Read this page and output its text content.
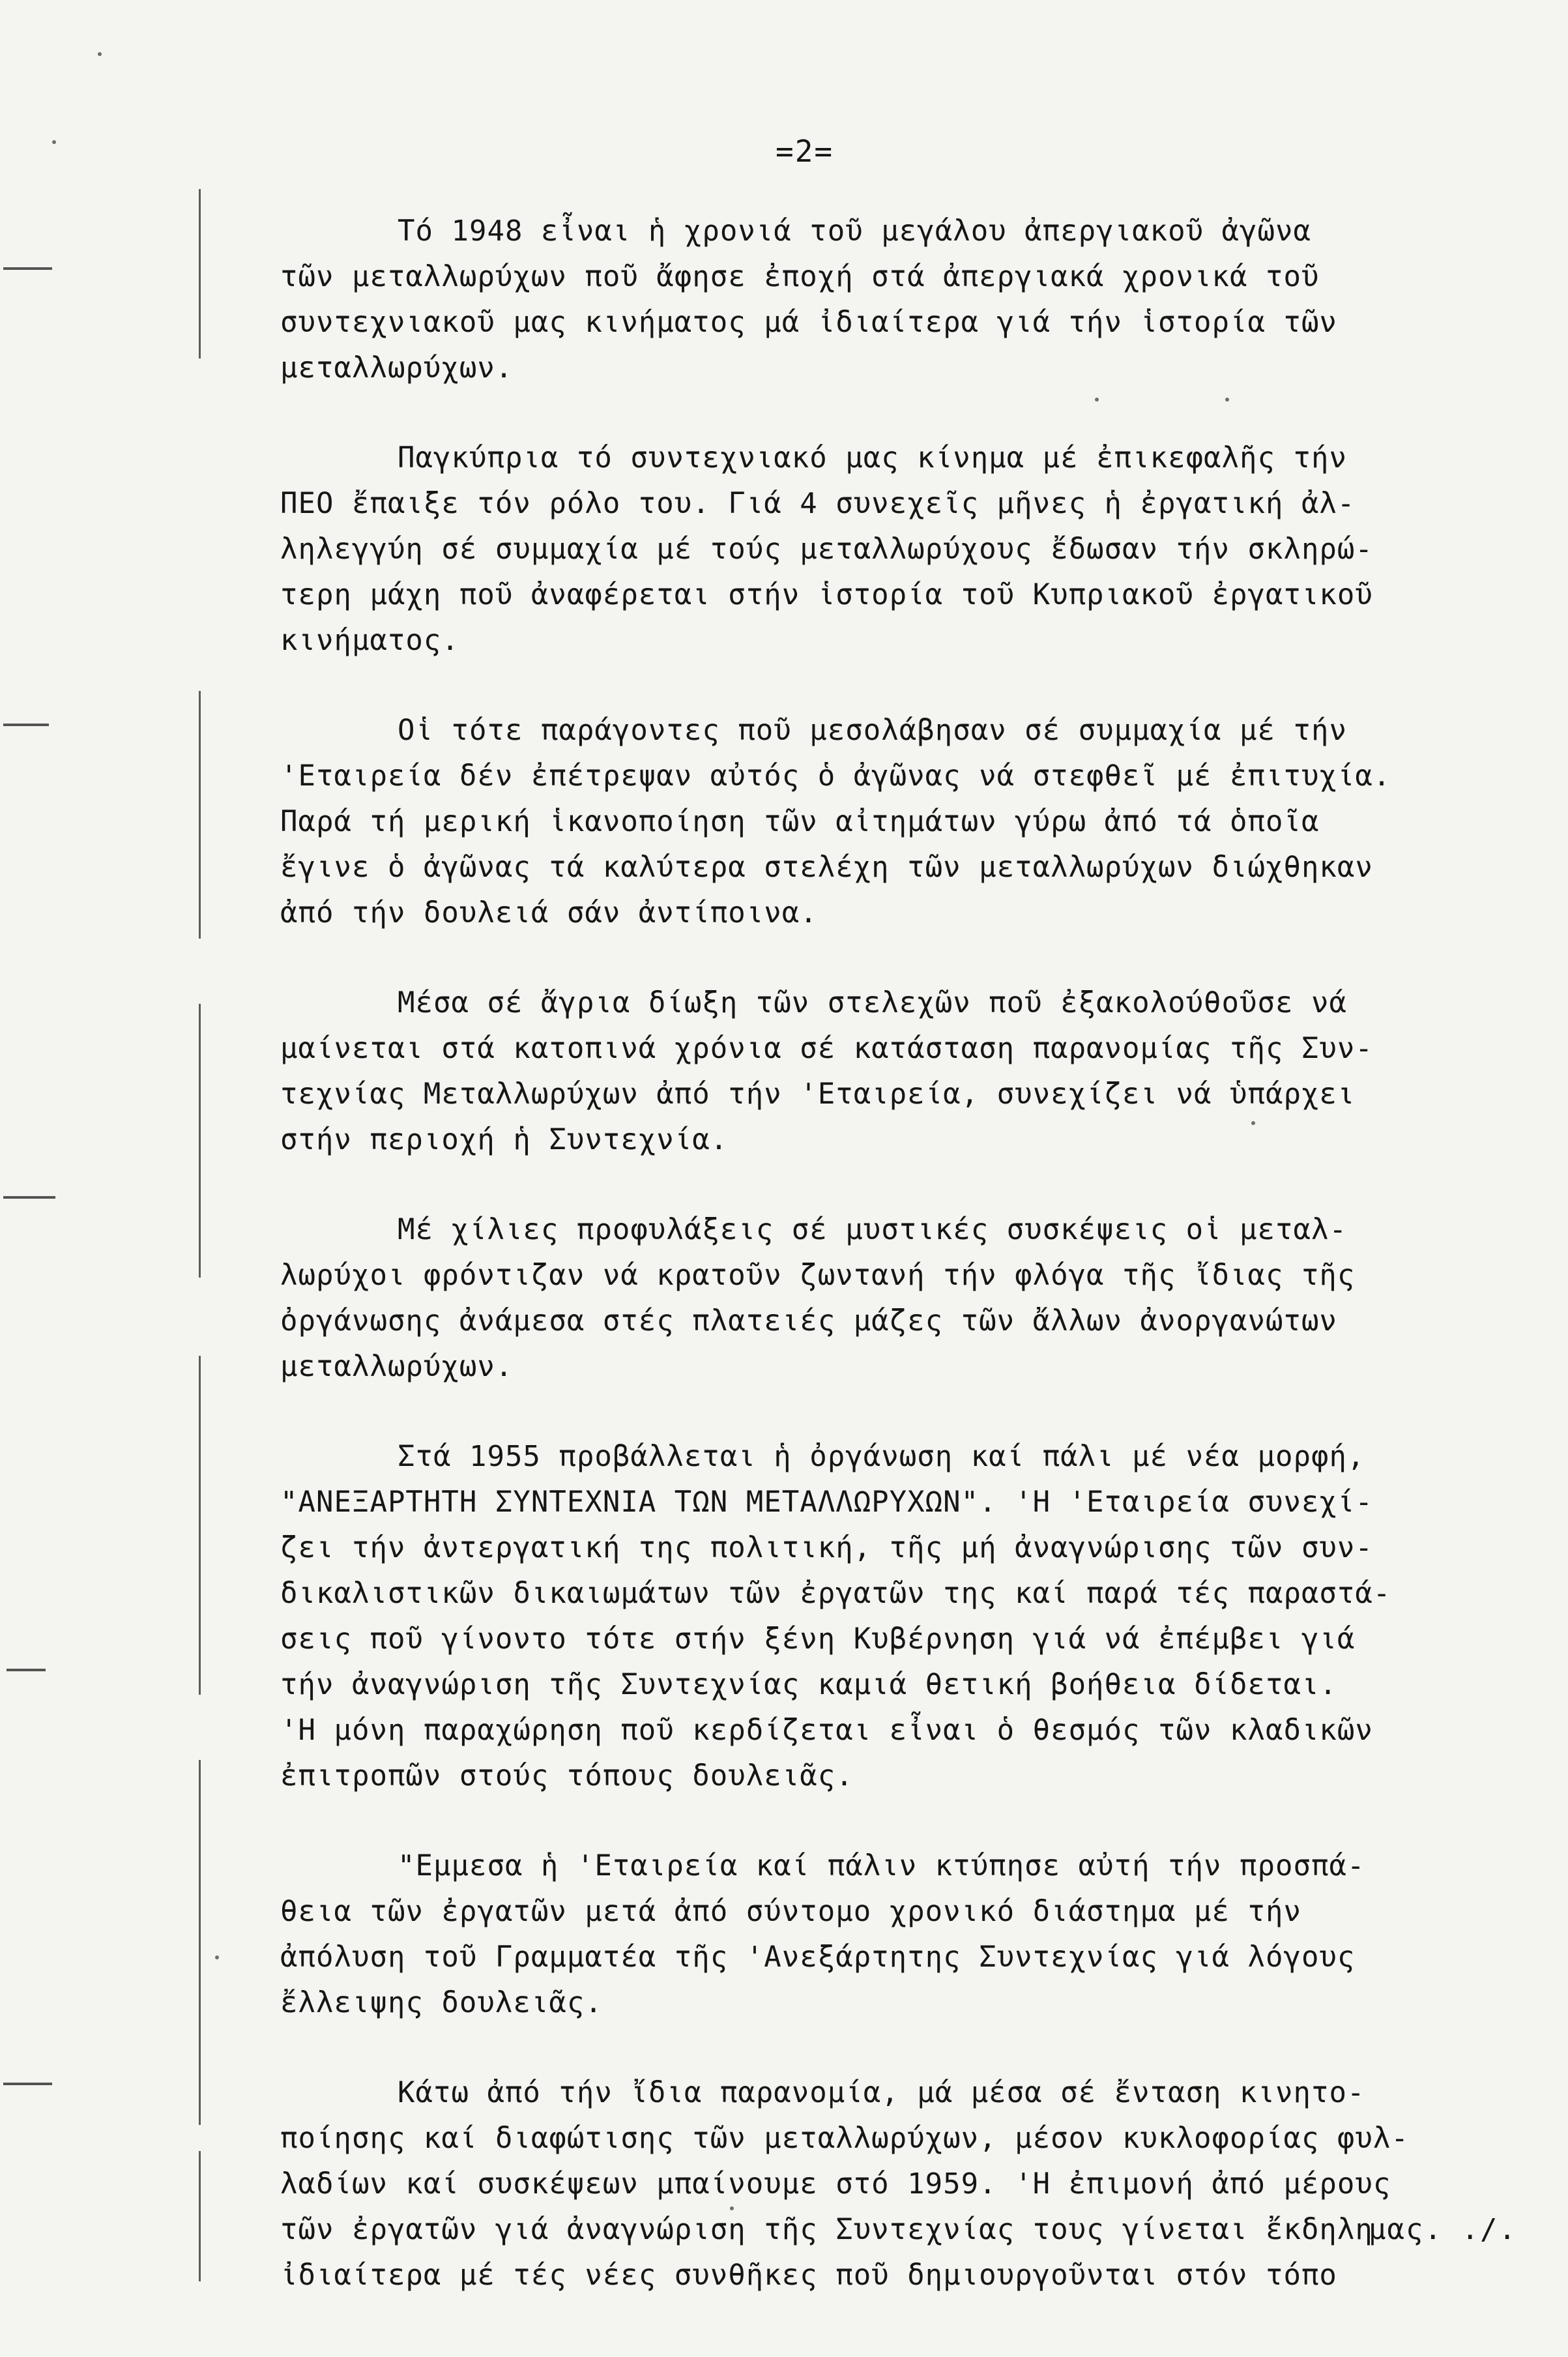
=2=
Τό 1948 εἶναι ἡ χρονιά τοῦ μεγάλου ἀπεργιακοῦ ἀγῶνα
τῶν μεταλλωρύχων ποῦ ἄφησε ἐποχή στά ἀπεργιακά χρονικά τοῦ
συντεχνιακοῦ μας κινήματος μά ἰδιαίτερα γιά τήν ἱστορία τῶν
μεταλλωρύχων.
Παγκύπρια τό συντεχνιακό μας κίνημα μέ ἐπικεφαλῆς τήν
ΠΕΟ ἔπαιξε τόν ρόλο του. Γιά 4 συνεχεῖς μῆνες ἡ ἐργατική ἀλ-
ληλεγγύη σέ συμμαχία μέ τούς μεταλλωρύχους ἔδωσαν τήν σκληρώ-
τερη μάχη ποῦ ἀναφέρεται στήν ἱστορία τοῦ Κυπριακοῦ ἐργατικοῦ
κινήματος.
Οἱ τότε παράγοντες ποῦ μεσολάβησαν σέ συμμαχία μέ τήν
'Εταιρεία δέν ἐπέτρεψαν αὐτός ὁ ἀγῶνας νά στεφθεῖ μέ ἐπιτυχία.
Παρά τή μερική ἱκανοποίηση τῶν αἰτημάτων γύρω ἀπό τά ὁποῖα
ἔγινε ὁ ἀγῶνας τά καλύτερα στελέχη τῶν μεταλλωρύχων διώχθηκαν
ἀπό τήν δουλειά σάν ἀντίποινα.
Μέσα σέ ἄγρια δίωξη τῶν στελεχῶν ποῦ ἐξακολούθοῦσε νά
μαίνεται στά κατοπινά χρόνια σέ κατάσταση παρανομίας τῆς Συν-
τεχνίας Μεταλλωρύχων ἀπό τήν 'Εταιρεία, συνεχίζει νά ὑπάρχει
στήν περιοχή ἡ Συντεχνία.
Μέ χίλιες προφυλάξεις σέ μυστικές συσκέψεις οἱ μεταλ-
λωρύχοι φρόντιζαν νά κρατοῦν ζωντανή τήν φλόγα τῆς ἴδιας τῆς
ὀργάνωσης ἀνάμεσα στές πλατειές μάζες τῶν ἄλλων ἀνοργανώτων
μεταλλωρύχων.
Στά 1955 προβάλλεται ἡ ὀργάνωση καί πάλι μέ νέα μορφή,
"ΑΝΕΞΑΡΤΗΤΗ ΣΥΝΤΕΧΝΙΑ ΤΩΝ ΜΕΤΑΛΛΩΡΥΧΩΝ". 'Η 'Εταιρεία συνεχί-
ζει τήν ἀντεργατική της πολιτική, τῆς μή ἀναγνώρισης τῶν συν-
δικαλιστικῶν δικαιωμάτων τῶν ἐργατῶν της καί παρά τές παραστά-
σεις ποῦ γίνοντο τότε στήν ξένη Κυβέρνηση γιά νά ἐπέμβει γιά
τήν ἀναγνώριση τῆς Συντεχνίας καμιά θετική βοήθεια δίδεται.
'Η μόνη παραχώρηση ποῦ κερδίζεται εἶναι ὁ θεσμός τῶν κλαδικῶν
ἐπιτροπῶν στούς τόπους δουλειᾶς.
"Εμμεσα ἡ 'Εταιρεία καί πάλιν κτύπησε αὐτή τήν προσπά-
θεια τῶν ἐργατῶν μετά ἀπό σύντομο χρονικό διάστημα μέ τήν
ἀπόλυση τοῦ Γραμματέα τῆς 'Ανεξάρτητης Συντεχνίας γιά λόγους
ἔλλειψης δουλειᾶς.
Κάτω ἀπό τήν ἴδια παρανομία, μά μέσα σέ ἔνταση κινητο-
ποίησης καί διαφώτισης τῶν μεταλλωρύχων, μέσον κυκλοφορίας φυλ-
λαδίων καί συσκέψεων μπαίνουμε στό 1959. 'Η ἐπιμονή ἀπό μέρους
τῶν ἐργατῶν γιά ἀναγνώριση τῆς Συντεχνίας τους γίνεται ἔκδηλη
ἰδιαίτερα μέ τές νέες συνθῆκες ποῦ δημιουργοῦνται στόν τόπο
μας. ./.
